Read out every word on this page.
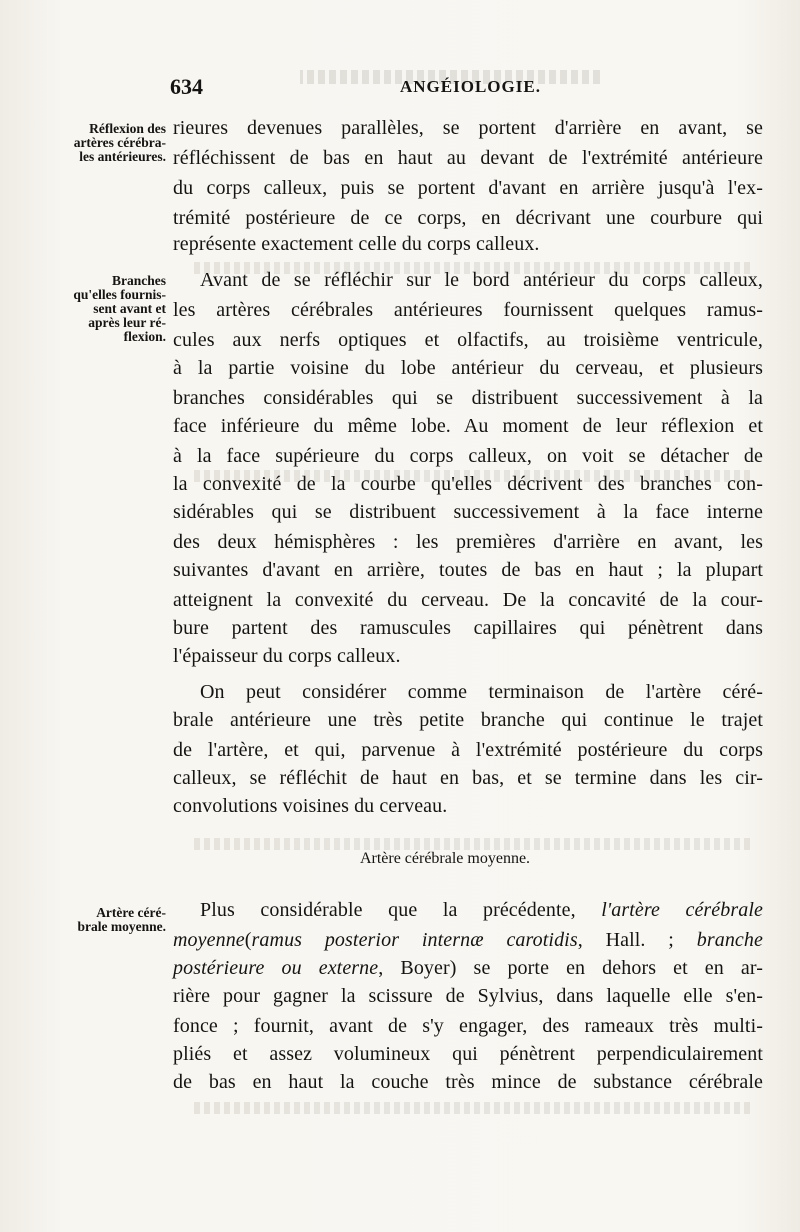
634	ANGÉIOLOGIE.
Réflexion des
artères cérébra-
les antérieures.
Branches
qu'elles fournis-
sent avant et
après leur ré-
flexion.
Artère céré-
brale moyenne.
rieures devenues parallèles, se portent d'arrière en avant, se
réfléchissent de bas en haut au devant de l'extrémité antérieure
du corps calleux, puis se portent d'avant en arrière jusqu'à l'ex-
trémité postérieure de ce corps, en décrivant une courbure qui
représente exactement celle du corps calleux.
Avant de se réfléchir sur le bord antérieur du corps calleux,
les artères cérébrales antérieures fournissent quelques ramus-
cules aux nerfs optiques et olfactifs, au troisième ventricule,
à la partie voisine du lobe antérieur du cerveau, et plusieurs
branches considérables qui se distribuent successivement à la
face inférieure du même lobe. Au moment de leur réflexion et
à la face supérieure du corps calleux, on voit se détacher de
la convexité de la courbe qu'elles décrivent des branches con-
sidérables qui se distribuent successivement à la face interne
des deux hémisphères : les premières d'arrière en avant, les
suivantes d'avant en arrière, toutes de bas en haut ; la plupart
atteignent la convexité du cerveau. De la concavité de la cour-
bure partent des ramuscules capillaires qui pénètrent dans
l'épaisseur du corps calleux.
On peut considérer comme terminaison de l'artère céré-
brale antérieure une très petite branche qui continue le trajet
de l'artère, et qui, parvenue à l'extrémité postérieure du corps
calleux, se réfléchit de haut en bas, et se termine dans les cir-
convolutions voisines du cerveau.
Artère cérébrale moyenne.
Plus considérable que la précédente, l'artère cérébrale
moyenne(ramus posterior internæ carotidis, Hall. ; branche
postérieure ou externe, Boyer) se porte en dehors et en ar-
rière pour gagner la scissure de Sylvius, dans laquelle elle s'en-
fonce ; fournit, avant de s'y engager, des rameaux très multi-
pliés et assez volumineux qui pénètrent perpendiculairement
de bas en haut la couche très mince de substance cérébrale
